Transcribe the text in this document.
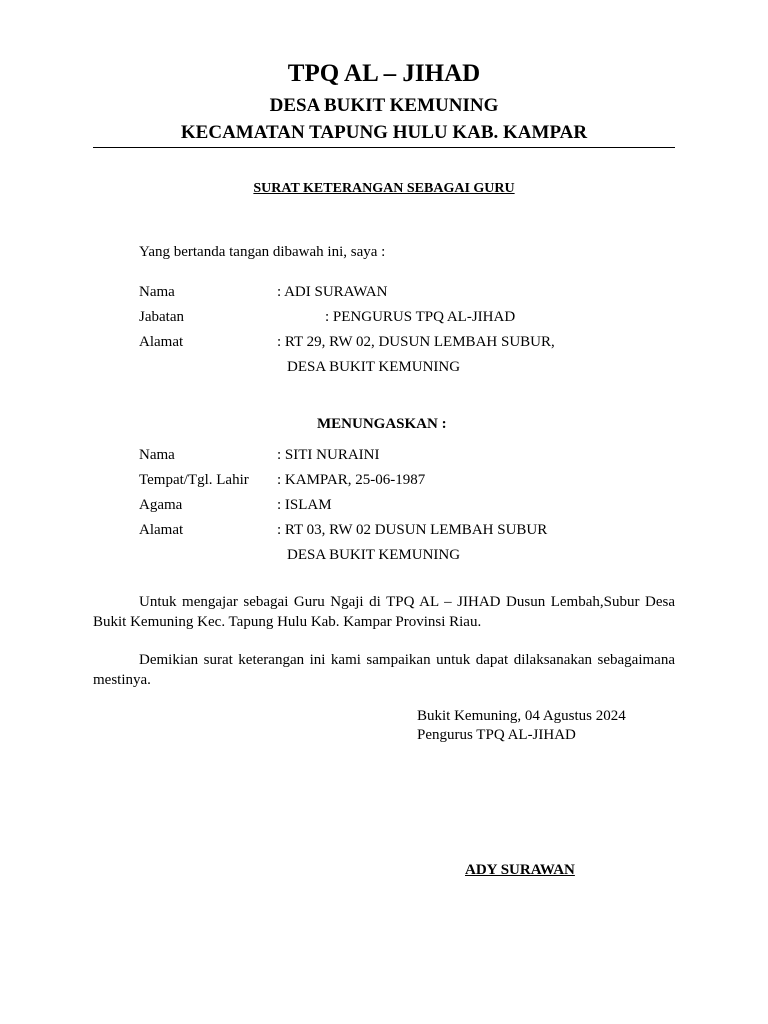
TPQ AL – JIHAD
DESA BUKIT KEMUNING
KECAMATAN TAPUNG HULU KAB. KAMPAR
SURAT KETERANGAN SEBAGAI GURU
Yang bertanda tangan dibawah ini, saya :
Nama	: ADI SURAWAN
Jabatan	: PENGURUS TPQ AL-JIHAD
Alamat	: RT 29, RW 02, DUSUN LEMBAH SUBUR,
DESA BUKIT KEMUNING
MENUNGASKAN :
Nama	: SITI NURAINI
Tempat/Tgl. Lahir : KAMPAR, 25-06-1987
Agama	: ISLAM
Alamat	: RT 03, RW 02 DUSUN LEMBAH SUBUR
DESA BUKIT KEMUNING
Untuk mengajar sebagai Guru Ngaji di TPQ AL – JIHAD Dusun Lembah,Subur Desa Bukit Kemuning Kec. Tapung Hulu Kab. Kampar Provinsi Riau.
Demikian surat keterangan ini kami sampaikan untuk dapat dilaksanakan sebagaimana mestinya.
Bukit Kemuning, 04 Agustus 2024
Pengurus TPQ AL-JIHAD
ADY SURAWAN
